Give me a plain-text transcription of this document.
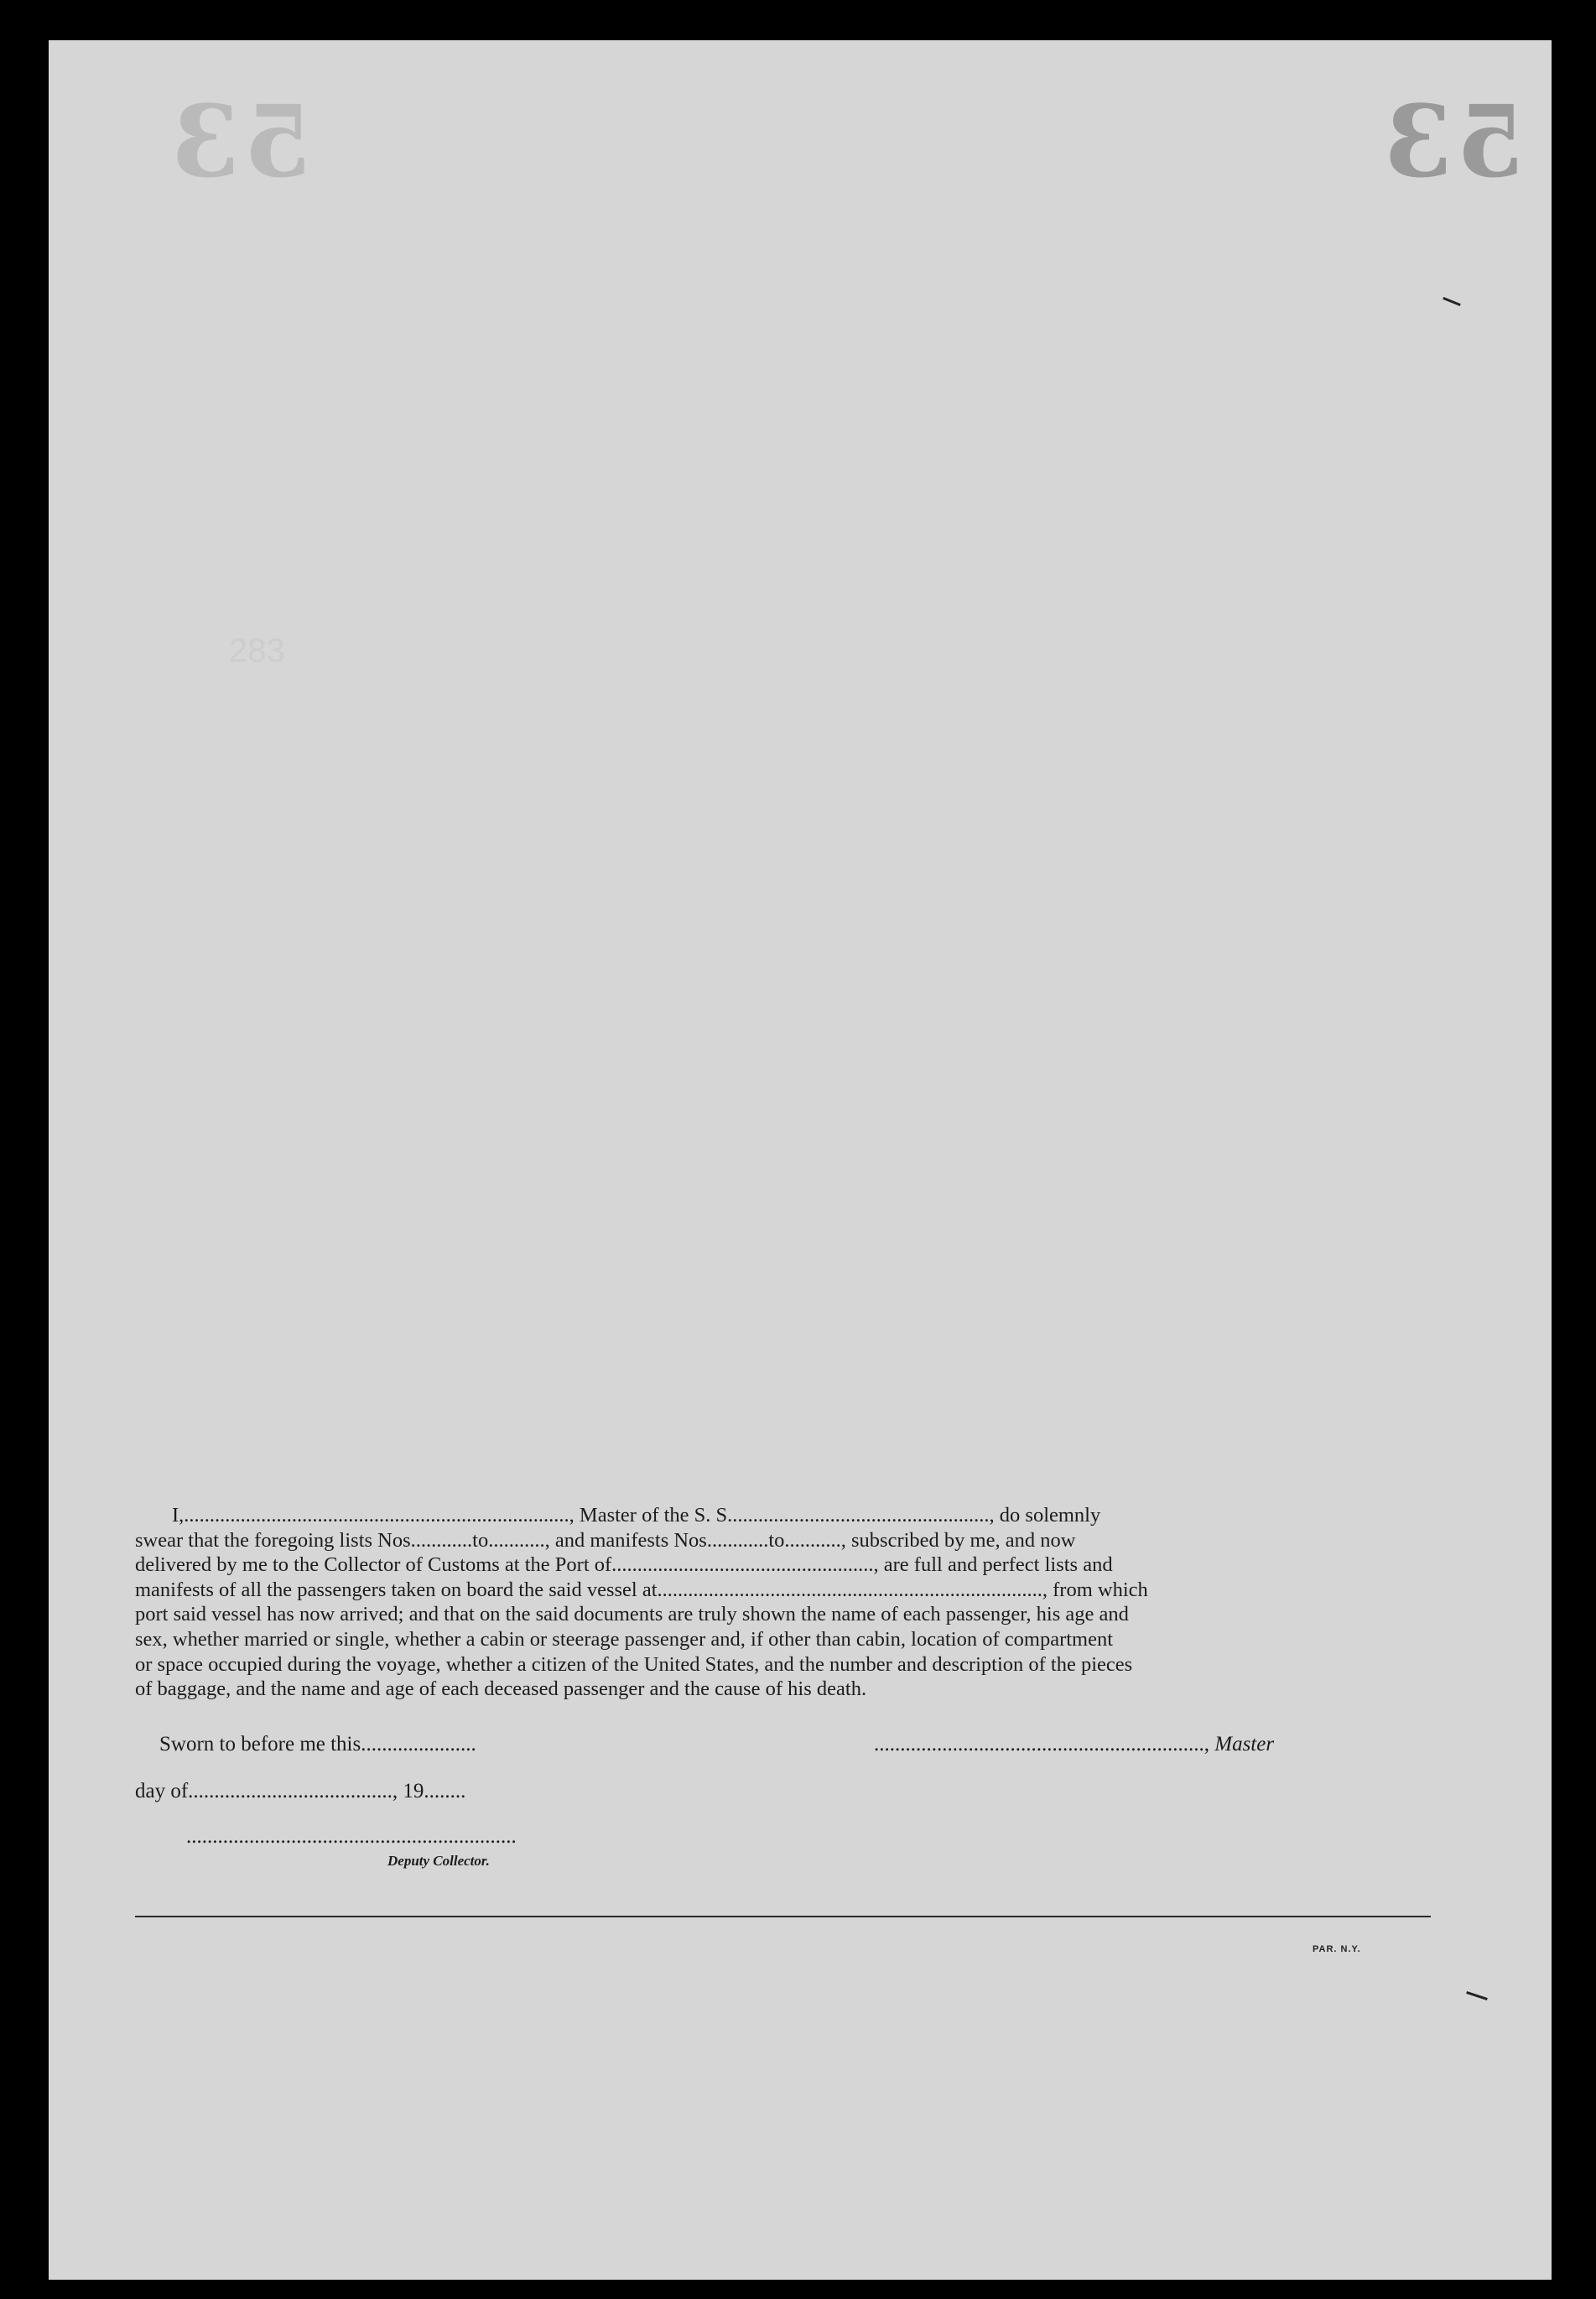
53	53
283
I,..........................................................................., Master of the S. S..................................................., do solemnly
swear that the foregoing lists Nos............to..........., and manifests Nos............to..........., subscribed by me, and now
delivered by me to the Collector of Customs at the Port of..................................................., are full and perfect lists and
manifests of all the passengers taken on board the said vessel at..........................................................................., from which
port said vessel has now arrived; and that on the said documents are truly shown the name of each passenger, his age and
sex, whether married or single, whether a cabin or steerage passenger and, if other than cabin, location of compartment
or space occupied during the voyage, whether a citizen of the United States, and the number and description of the pieces
of baggage, and the name and age of each deceased passenger and the cause of his death.
Sworn to before me this......................	..............................................................., Master
day of......................................., 19........
...............................................................
Deputy Collector.
PAR. N.Y.
